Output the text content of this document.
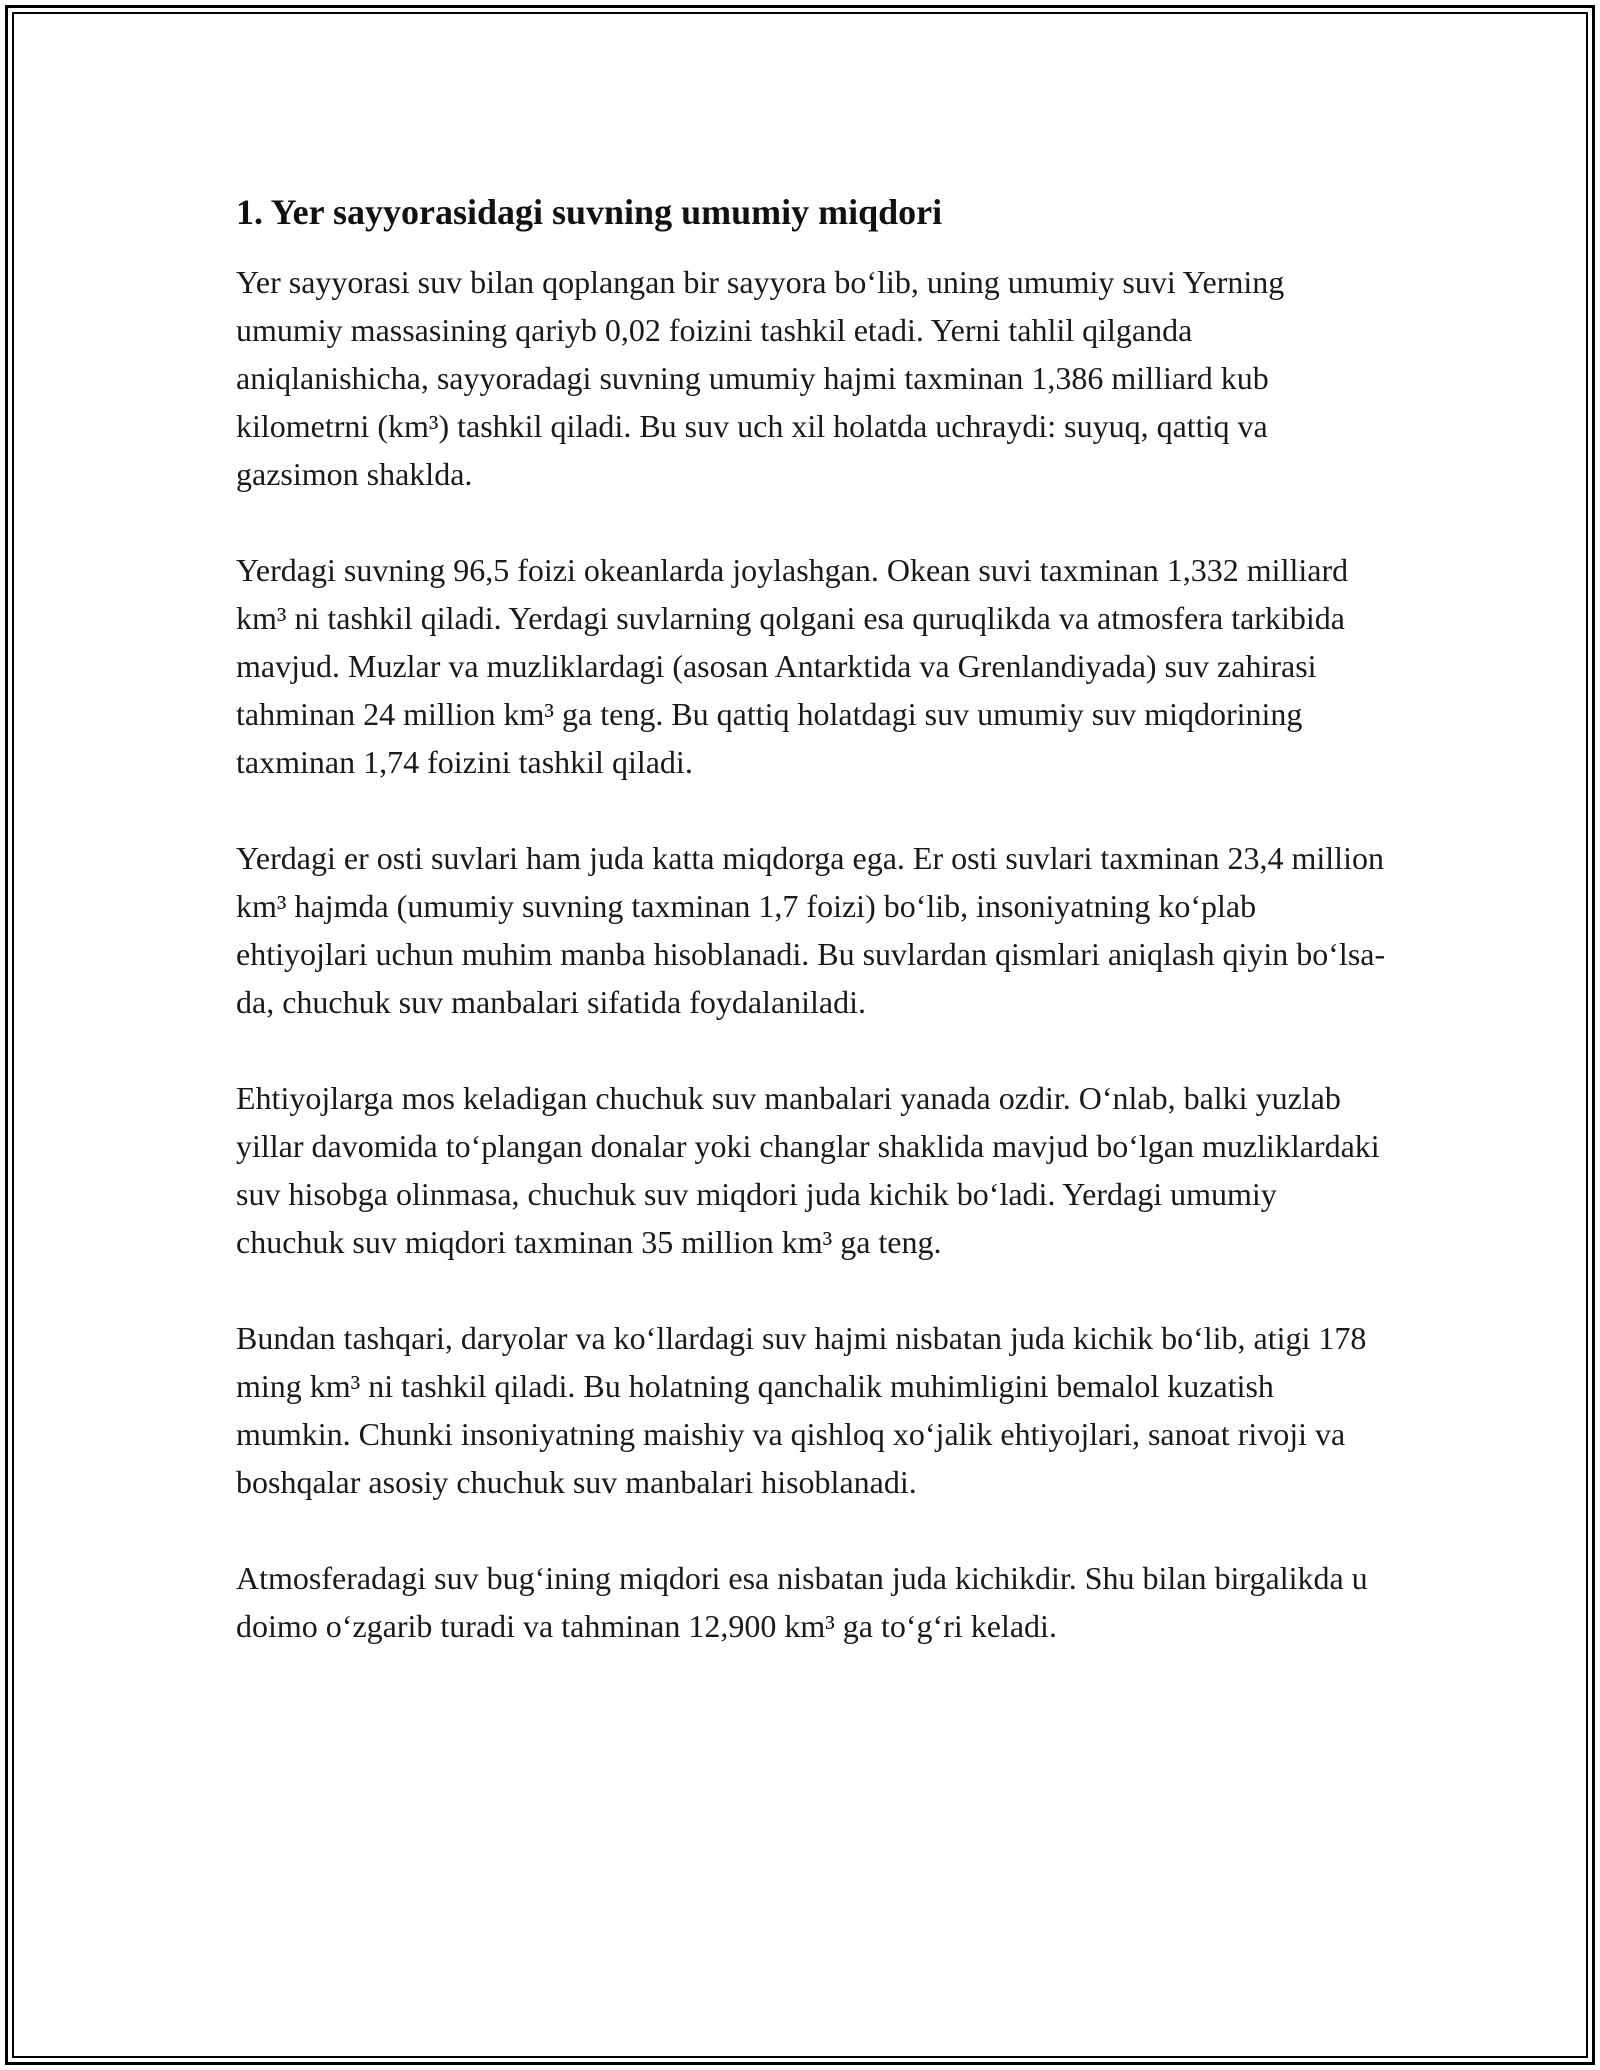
1. Yer sayyorasidagi suvning umumiy miqdori

Yer sayyorasi suv bilan qoplangan bir sayyora bo‘lib, uning umumiy suvi Yerning umumiy massasining qariyb 0,02 foizini tashkil etadi. Yerni tahlil qilganda aniqlanishicha, sayyoradagi suvning umumiy hajmi taxminan 1,386 milliard kub kilometrni (km³) tashkil qiladi. Bu suv uch xil holatda uchraydi: suyuq, qattiq va gazsimon shaklda.

Yerdagi suvning 96,5 foizi okeanlarda joylashgan. Okean suvi taxminan 1,332 milliard km³ ni tashkil qiladi. Yerdagi suvlarning qolgani esa quruqlikda va atmosfera tarkibida mavjud. Muzlar va muzliklardagi (asosan Antarktida va Grenlandiyada) suv zahirasi tahminan 24 million km³ ga teng. Bu qattiq holatdagi suv umumiy suv miqdorining taxminan 1,74 foizini tashkil qiladi.

Yerdagi er osti suvlari ham juda katta miqdorga ega. Er osti suvlari taxminan 23,4 million km³ hajmda (umumiy suvning taxminan 1,7 foizi) bo‘lib, insoniyatning ko‘plab ehtiyojlari uchun muhim manba hisoblanadi. Bu suvlardan qismlari aniqlash qiyin bo‘lsa-da, chuchuk suv manbalari sifatida foydalaniladi.

Ehtiyojlarga mos keladigan chuchuk suv manbalari yanada ozdir. O‘nlab, balki yuzlab yillar davomida to‘plangan donalar yoki changlar shaklida mavjud bo‘lgan muzliklardaki suv hisobga olinmasa, chuchuk suv miqdori juda kichik bo‘ladi. Yerdagi umumiy chuchuk suv miqdori taxminan 35 million km³ ga teng.

Bundan tashqari, daryolar va ko‘llardagi suv hajmi nisbatan juda kichik bo‘lib, atigi 178 ming km³ ni tashkil qiladi. Bu holatning qanchalik muhimligini bemalol kuzatish mumkin. Chunki insoniyatning maishiy va qishloq xo‘jalik ehtiyojlari, sanoat rivoji va boshqalar asosiy chuchuk suv manbalari hisoblanadi.

Atmosferadagi suv bug‘ining miqdori esa nisbatan juda kichikdir. Shu bilan birgalikda u doimo o‘zgarib turadi va tahminan 12,900 km³ ga to‘g‘ri keladi.
